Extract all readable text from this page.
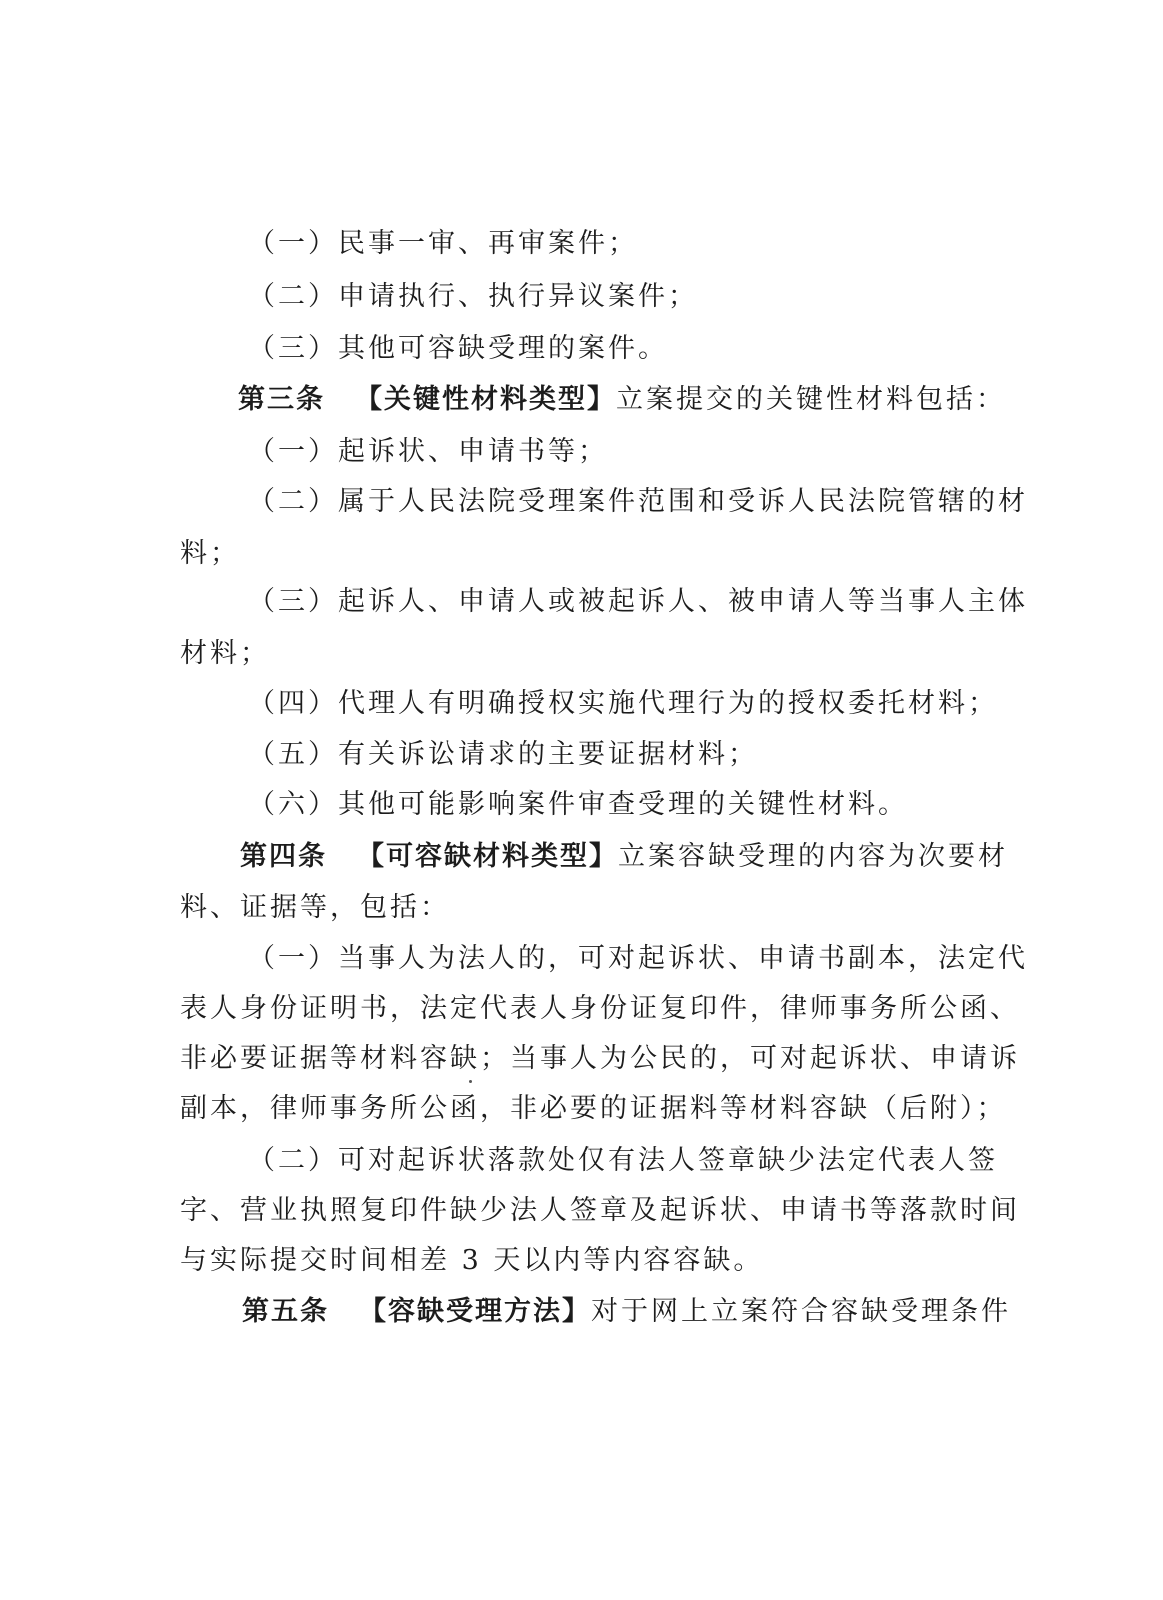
（一）民事一审、再审案件；
（二）申请执行、执行异议案件；
（三）其他可容缺受理的案件。
第三条 【关键性材料类型】立案提交的关键性材料包括：
（一）起诉状、申请书等；
（二）属于人民法院受理案件范围和受诉人民法院管辖的材
料；
（三）起诉人、申请人或被起诉人、被申请人等当事人主体
材料；
（四）代理人有明确授权实施代理行为的授权委托材料；
（五）有关诉讼请求的主要证据材料；
（六）其他可能影响案件审查受理的关键性材料。
第四条 【可容缺材料类型】立案容缺受理的内容为次要材
料、证据等，包括：
（一）当事人为法人的，可对起诉状、申请书副本，法定代
表人身份证明书，法定代表人身份证复印件，律师事务所公函、
非必要证据等材料容缺；当事人为公民的，可对起诉状、申请诉
副本，律师事务所公函，非必要的证据料等材料容缺（后附）；
（二）可对起诉状落款处仅有法人签章缺少法定代表人签
字、营业执照复印件缺少法人签章及起诉状、申请书等落款时间
与实际提交时间相差 3 天以内等内容容缺。
第五条 【容缺受理方法】对于网上立案符合容缺受理条件
